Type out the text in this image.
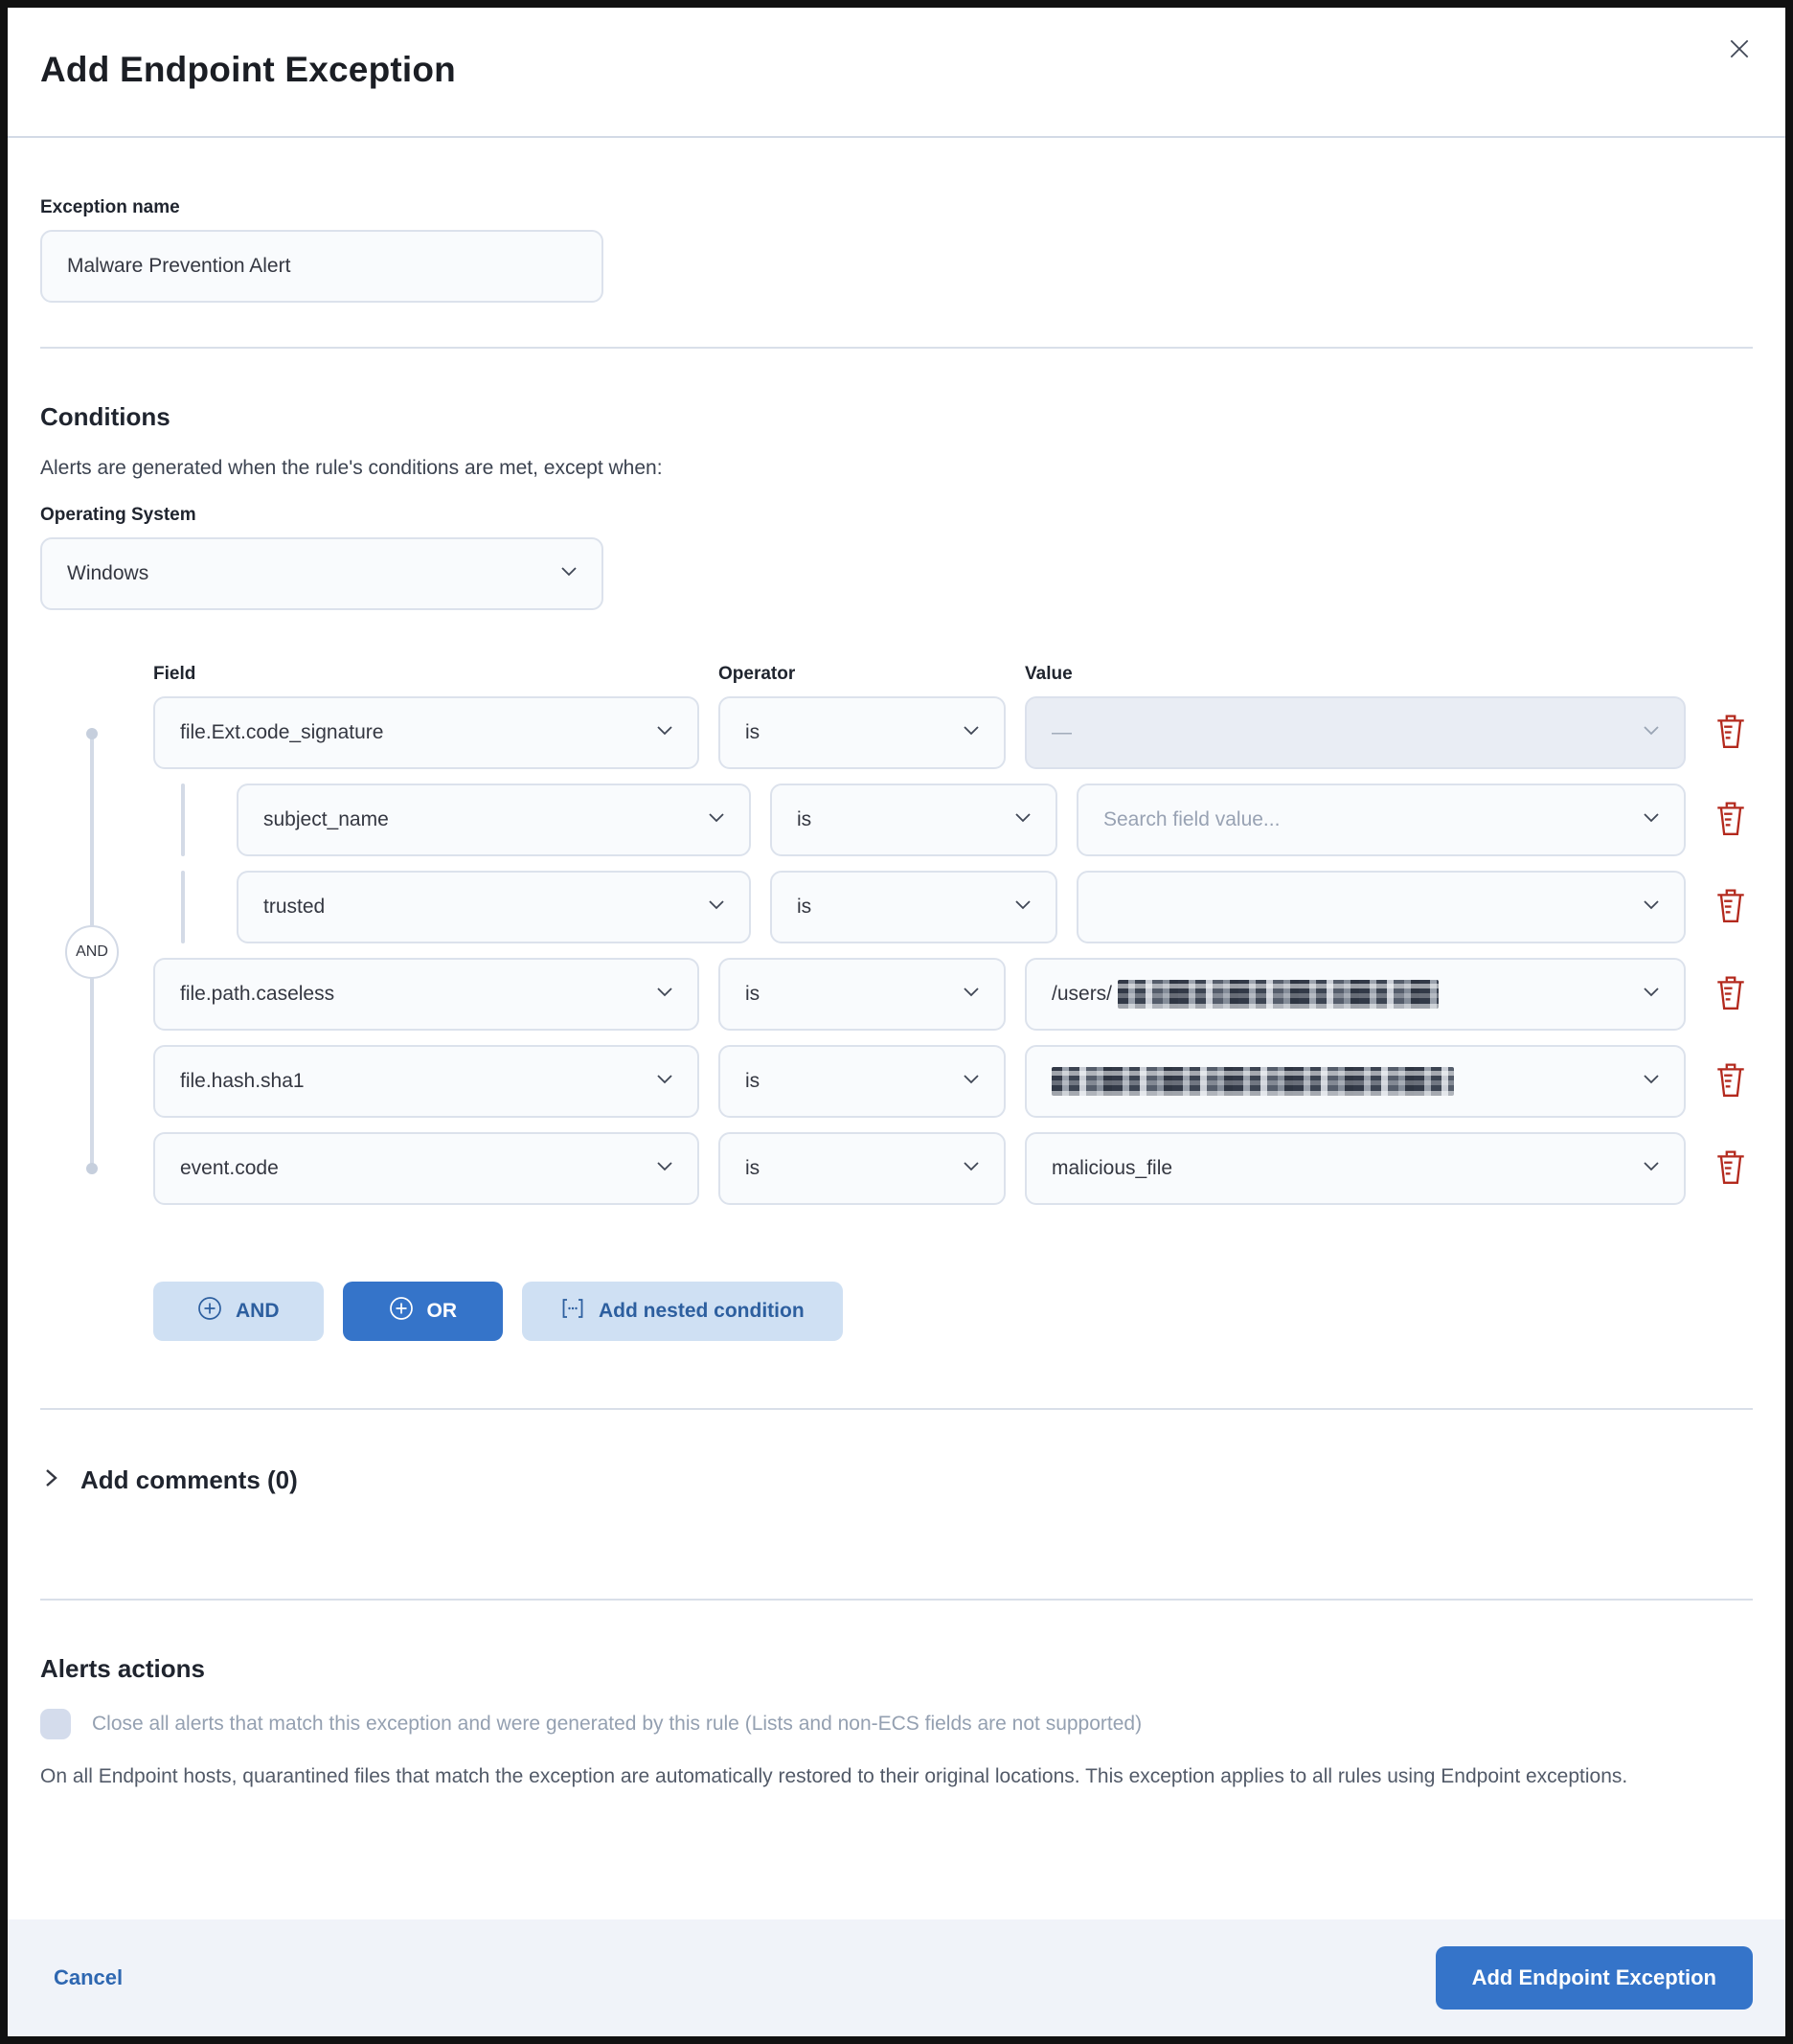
Add Endpoint Exception
Exception name
Malware Prevention Alert
Conditions
Alerts are generated when the rule's conditions are met, except when:
Operating System
Windows
Field	Operator	Value
AND
file.Ext.code_signature	is	—
subject_name	is	Search field value...
trusted	is
file.path.caseless	is	/users/
file.hash.sha1	is
event.code	is	malicious_file
AND	OR	Add nested condition
Add comments (0)
Alerts actions
Close all alerts that match this exception and were generated by this rule (Lists and non-ECS fields are not supported)
On all Endpoint hosts, quarantined files that match the exception are automatically restored to their original locations. This exception applies to all rules using Endpoint exceptions.
Cancel	Add Endpoint Exception
